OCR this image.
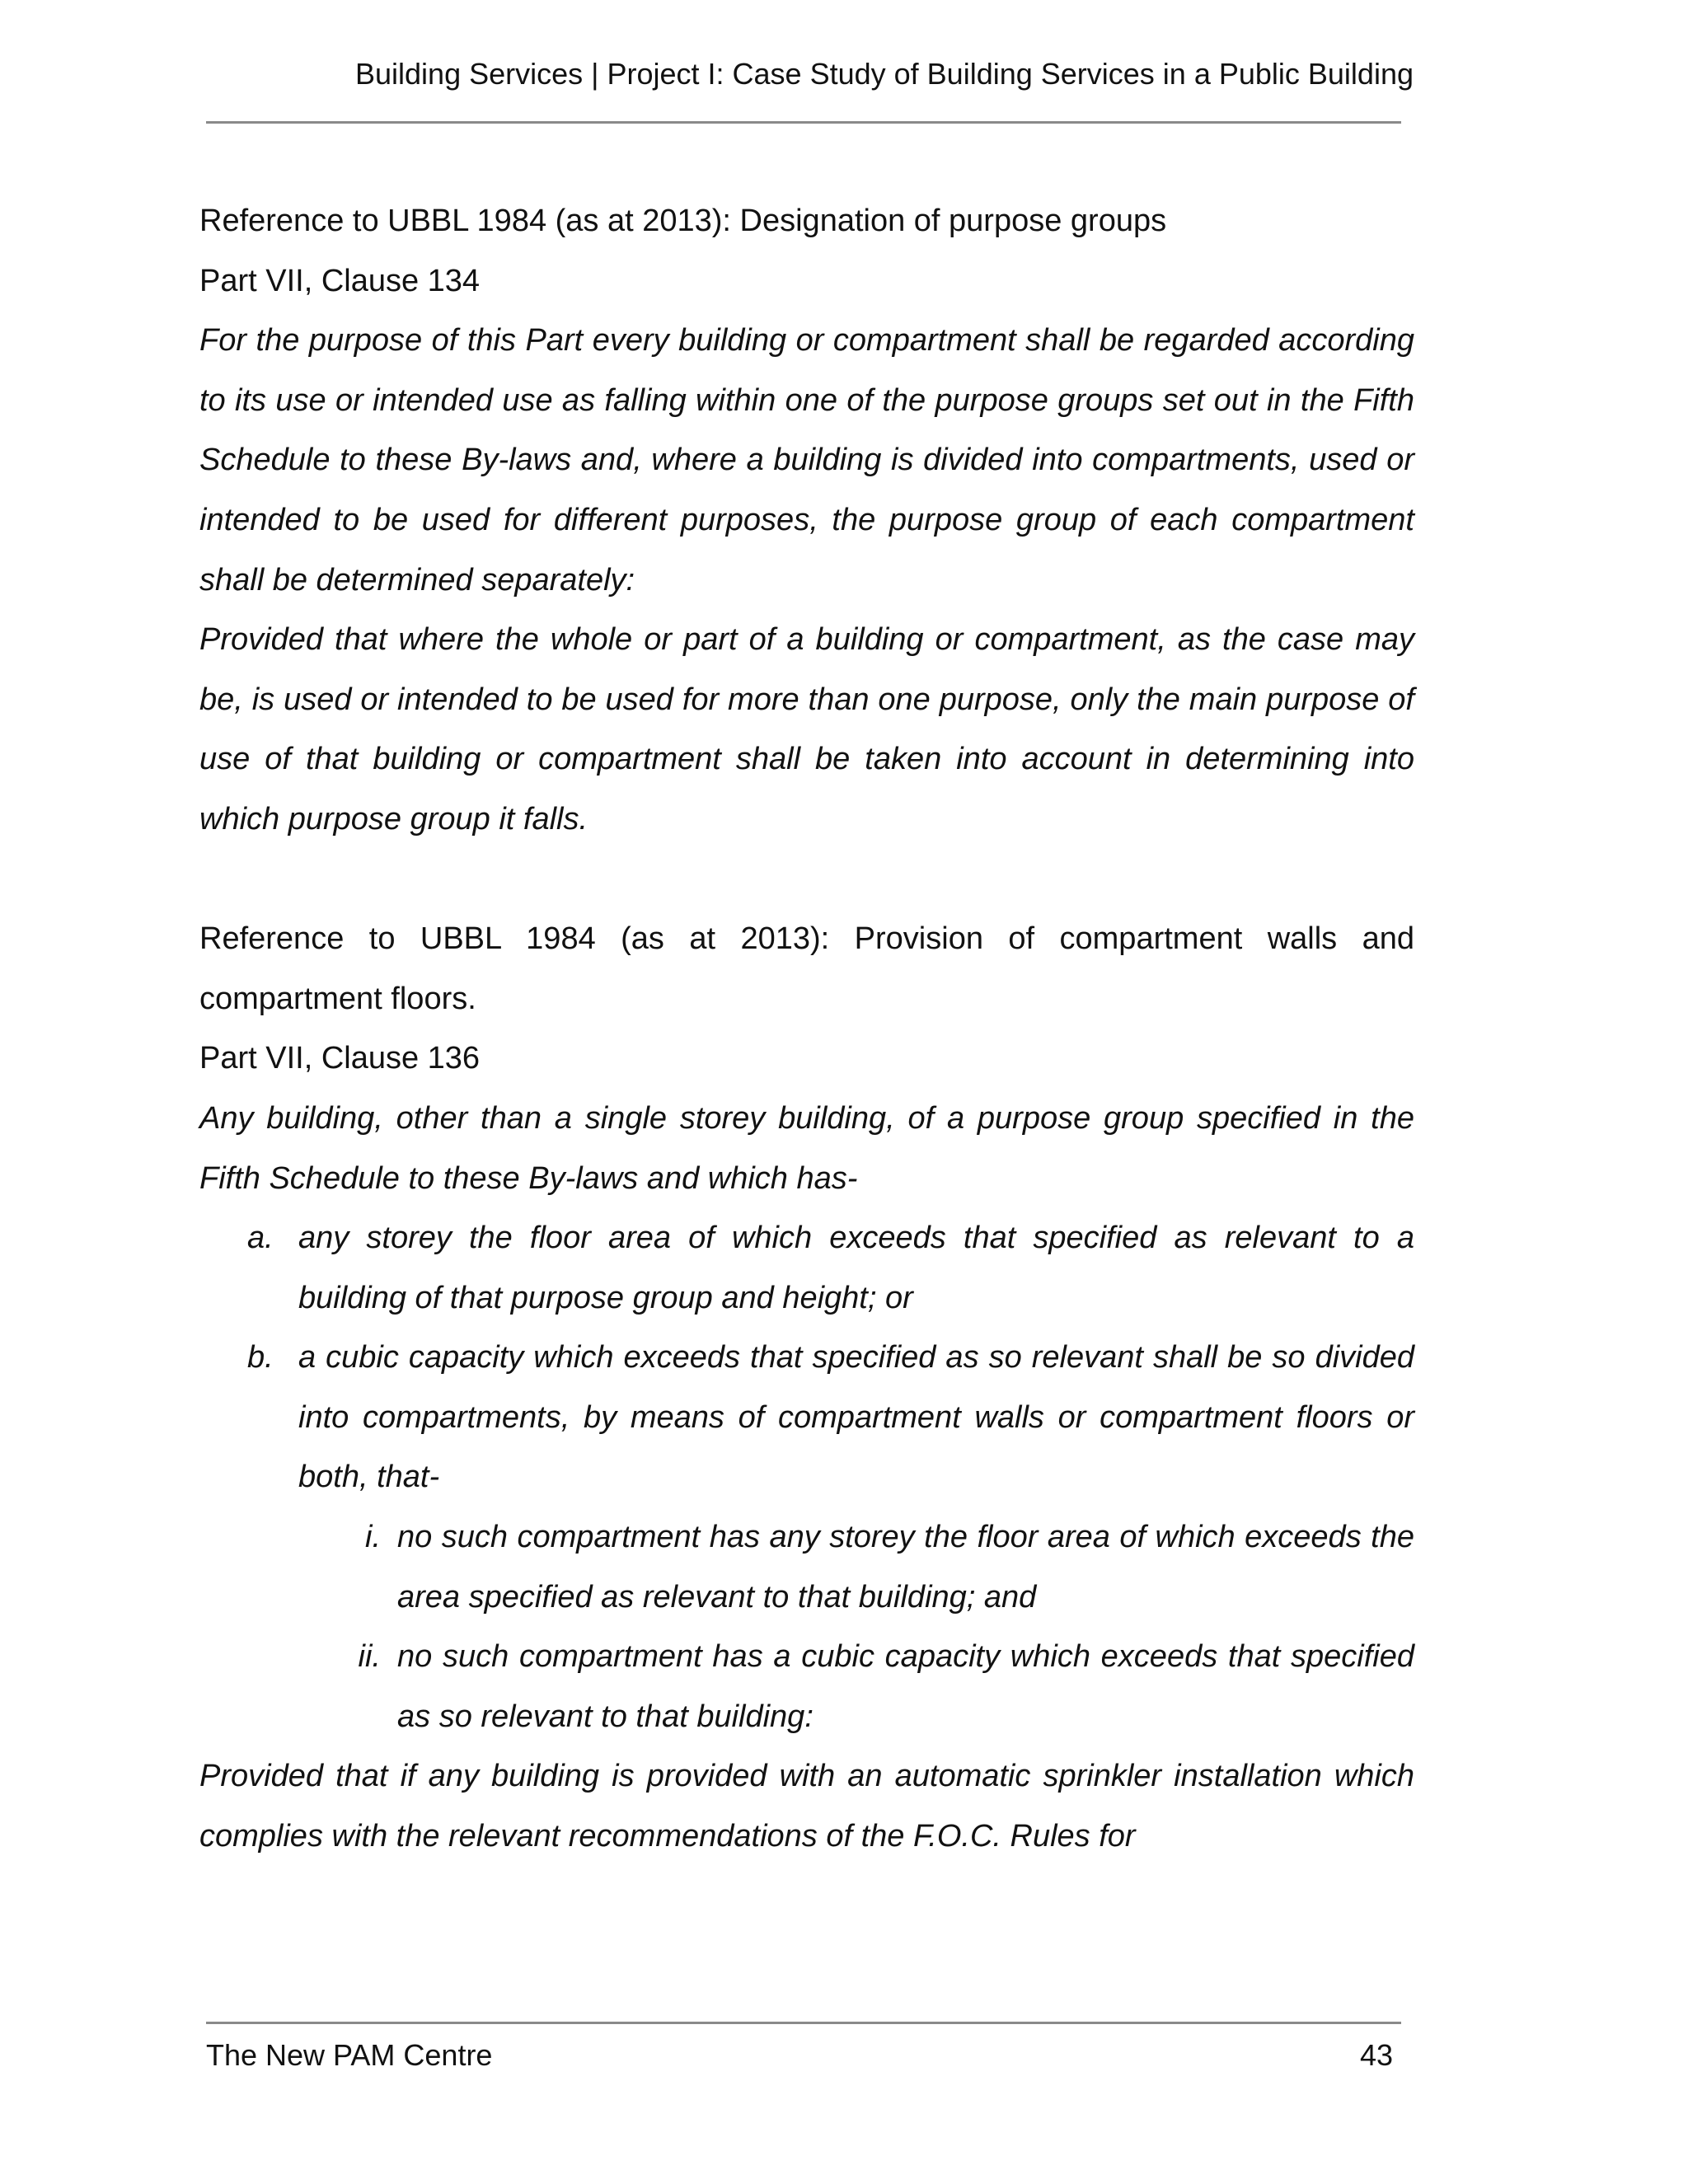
Building Services | Project I: Case Study of Building Services in a Public Building

Reference to UBBL 1984 (as at 2013): Designation of purpose groups

Part VII, Clause 134

For the purpose of this Part every building or compartment shall be regarded according to its use or intended use as falling within one of the purpose groups set out in the Fifth Schedule to these By-laws and, where a building is divided into compartments, used or intended to be used for different purposes, the purpose group of each compartment shall be determined separately:

Provided that where the whole or part of a building or compartment, as the case may be, is used or intended to be used for more than one purpose, only the main purpose of use of that building or compartment shall be taken into account in determining into which purpose group it falls.

Reference to UBBL 1984 (as at 2013): Provision of compartment walls and compartment floors.

Part VII, Clause 136

Any building, other than a single storey building, of a purpose group specified in the Fifth Schedule to these By-laws and which has-

a. any storey the floor area of which exceeds that specified as relevant to a building of that purpose group and height; or
b. a cubic capacity which exceeds that specified as so relevant shall be so divided into compartments, by means of compartment walls or compartment floors or both, that-
i. no such compartment has any storey the floor area of which exceeds the area specified as relevant to that building; and
ii. no such compartment has a cubic capacity which exceeds that specified as so relevant to that building:

Provided that if any building is provided with an automatic sprinkler installation which complies with the relevant recommendations of the F.O.C. Rules for

The New PAM Centre	43
